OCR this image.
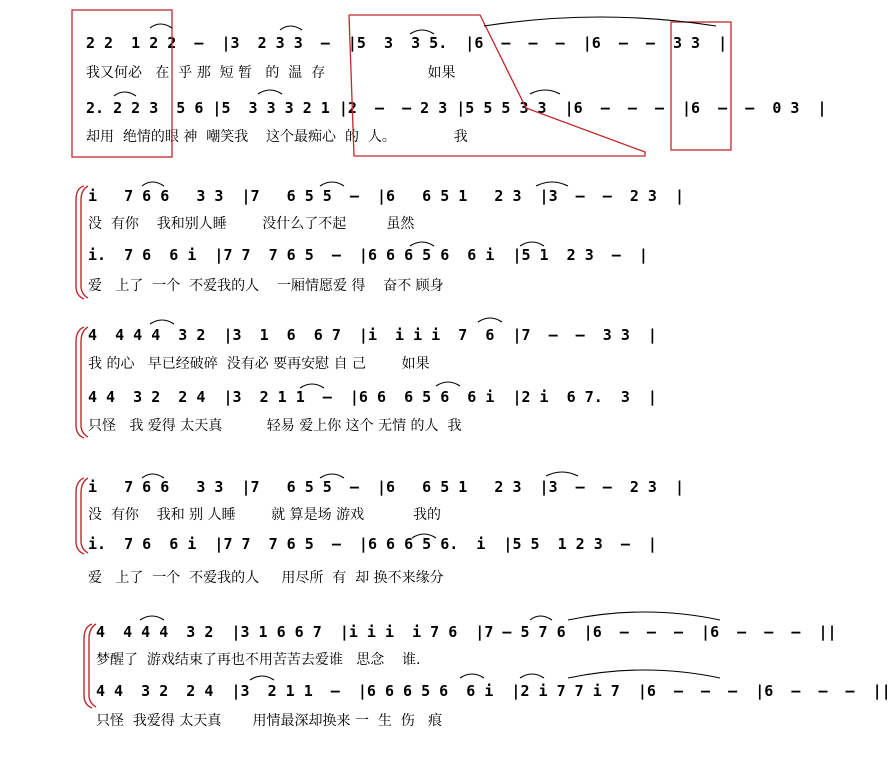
2 2  1 2 2  –  |3  2 3 3  –  |5  3  3 5.  |6  –  –  –  |6  –  –  3 3  |
我又何必   在  乎 那  短 暂   的  温  存                       如果
2. 2 2 3  5 6 |5  3 3 3 2 1 |2  –  – 2 3 |5 5 5 3 3  |6  –  –  –  |6  –  –  0 3  |
却用  绝情的眼 神  嘲笑我    这个最痴心  的  人。             我
i   7 6 6   3 3  |7   6 5 5  –  |6   6 5 1   2 3  |3  –  –  2 3  |
没  有你    我和别人睡        没什么了不起         虽然
i.  7 6  6 i  |7 7  7 6 5  –  |6 6 6 5 6  6 i  |5 1  2 3  –  |
爱   上了  一个  不爱我的人    一厢情愿爱 得    奋不 顾身
4  4 4 4  3 2  |3  1  6  6 7  |i  i i i  7  6  |7  –  –  3 3  |
我 的心   早已经破碎  没有必 要再安慰 自 己        如果
4 4  3 2  2 4  |3  2 1 1  –  |6 6  6 5 6  6 i  |2 i  6 7.  3  |
只怪   我 爱得 太天真          轻易 爱上你 这个 无情 的人  我
i   7 6 6   3 3  |7   6 5 5  –  |6   6 5 1   2 3  |3  –  –  2 3  |
没  有你    我和 别 人睡        就 算是场 游戏           我的
i.  7 6  6 i  |7 7  7 6 5  –  |6 6 6 5 6.  i  |5 5  1 2 3  –  |
爱   上了  一个  不爱我的人     用尽所  有  却 换不来缘分
4  4 4 4  3 2  |3 1 6 6 7  |i i i  i 7 6  |7 – 5 7 6  |6  –  –  –  |6  –  –  –  ||
梦醒了  游戏结束了再也不用苦苦去爱谁   思念    谁.
4 4  3 2  2 4  |3  2 1 1  –  |6 6 6 5 6  6 i  |2 i 7 7 i 7  |6  –  –  –  |6  –  –  –  ||
只怪  我爱得 太天真       用情最深却换来 一  生  伤   痕
